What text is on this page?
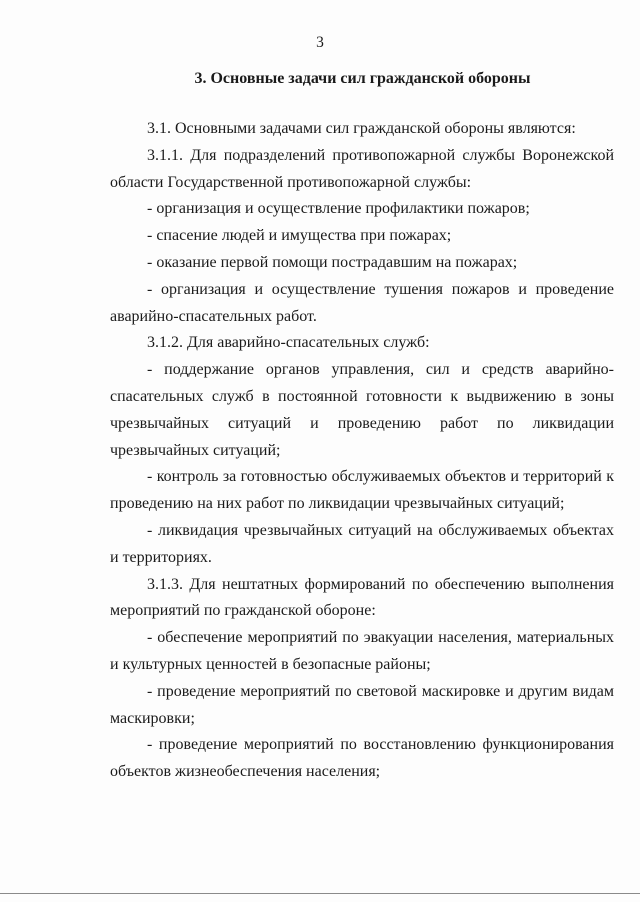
3
3. Основные задачи сил гражданской обороны

3.1. Основными задачами сил гражданской обороны являются:

3.1.1. Для подразделений противопожарной службы Воронежской области Государственной противопожарной службы:

- организация и осуществление профилактики пожаров;

- спасение людей и имущества при пожарах;

- оказание первой помощи пострадавшим на пожарах;

- организация и осуществление тушения пожаров и проведение аварийно-спасательных работ.

3.1.2. Для аварийно-спасательных служб:

- поддержание органов управления, сил и средств аварийно-спасательных служб в постоянной готовности к выдвижению в зоны чрезвычайных ситуаций и проведению работ по ликвидации чрезвычайных ситуаций;

- контроль за готовностью обслуживаемых объектов и территорий к проведению на них работ по ликвидации чрезвычайных ситуаций;

- ликвидация чрезвычайных ситуаций на обслуживаемых объектах и территориях.

3.1.3. Для нештатных формирований по обеспечению выполнения мероприятий по гражданской обороне:

- обеспечение мероприятий по эвакуации населения, материальных и культурных ценностей в безопасные районы;

- проведение мероприятий по световой маскировке и другим видам маскировки;

- проведение мероприятий по восстановлению функционирования объектов жизнеобеспечения населения;
